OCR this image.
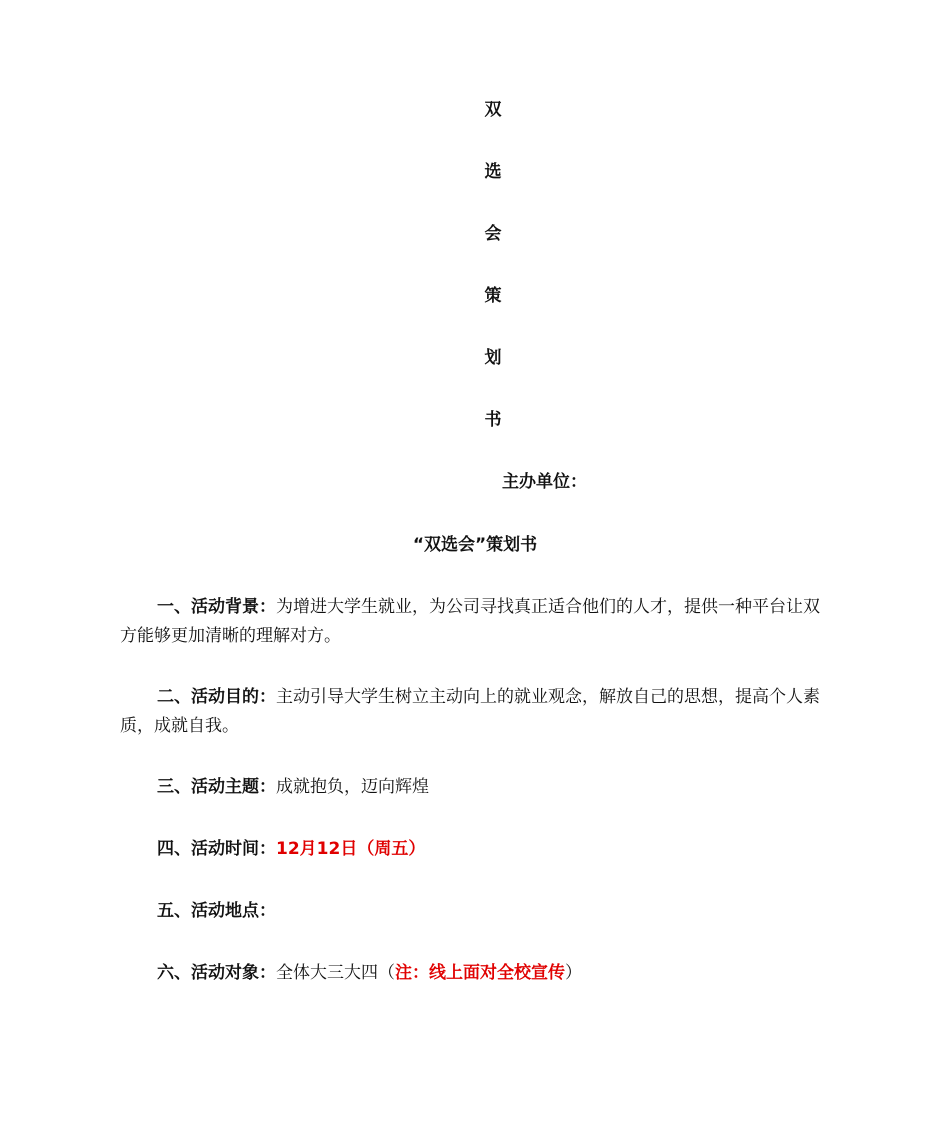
双
选
会
策
划
书
主办单位：
“双选会”策划书
一、活动背景：为增进大学生就业，为公司寻找真正适合他们的人才，提供一种平台让双方能够更加清晰的理解对方。
二、活动目的：主动引导大学生树立主动向上的就业观念，解放自己的思想，提高个人素质，成就自我。
三、活动主题：成就抱负，迈向辉煌
四、活动时间：12月12日（周五）
五、活动地点：
六、活动对象：全体大三大四（注：线上面对全校宣传）
